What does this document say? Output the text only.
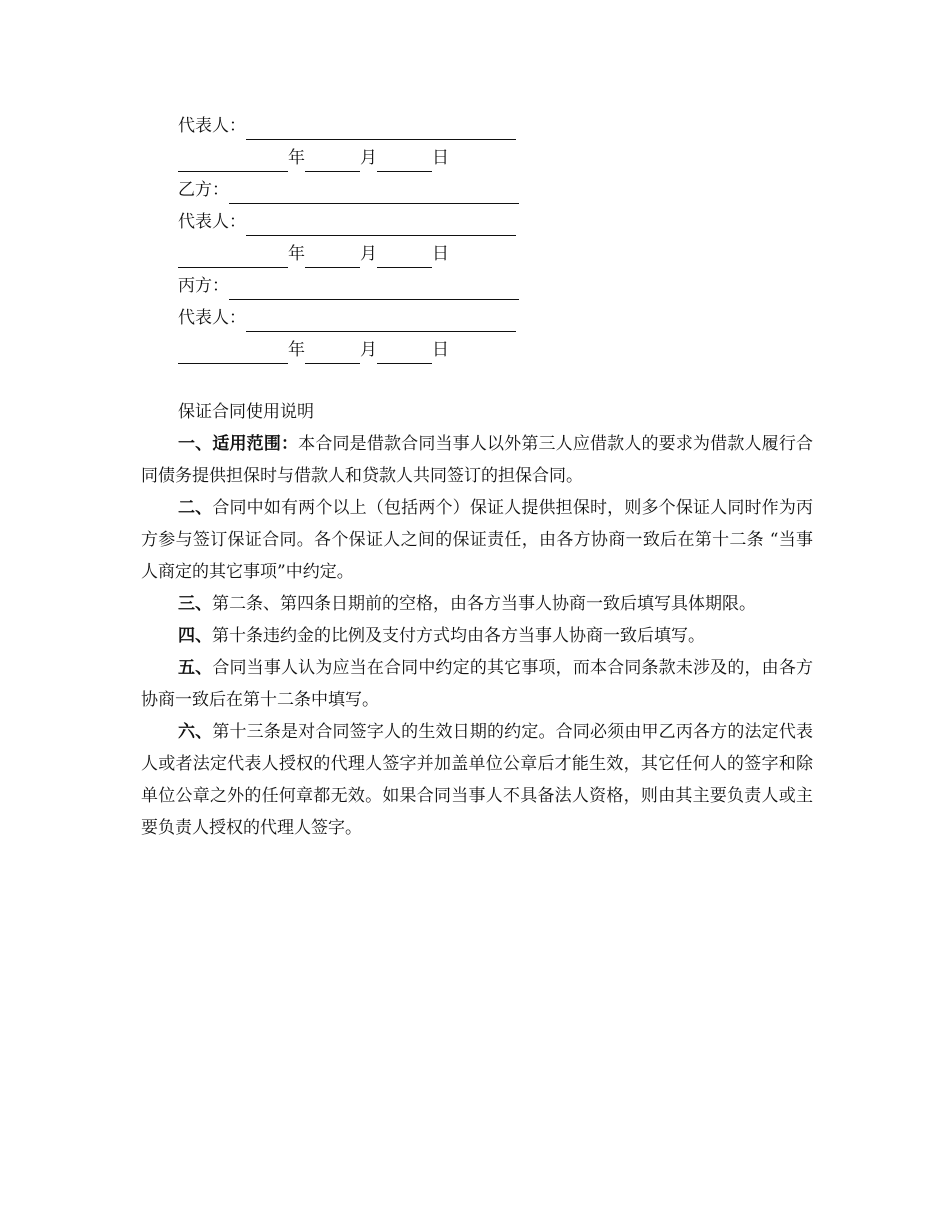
代表人：
年	月	日
乙方：
代表人：
年	月	日
丙方：
代表人：
年	月	日
保证合同使用说明

一、适用范围：本合同是借款合同当事人以外第三人应借款人的要求为借款人履行合同债务提供担保时与借款人和贷款人共同签订的担保合同。

二、合同中如有两个以上（包括两个）保证人提供担保时，则多个保证人同时作为丙方参与签订保证合同。各个保证人之间的保证责任，由各方协商一致后在第十二条 “当事人商定的其它事项”中约定。

三、第二条、第四条日期前的空格，由各方当事人协商一致后填写具体期限。

四、第十条违约金的比例及支付方式均由各方当事人协商一致后填写。

五、合同当事人认为应当在合同中约定的其它事项，而本合同条款未涉及的，由各方协商一致后在第十二条中填写。

六、第十三条是对合同签字人的生效日期的约定。合同必须由甲乙丙各方的法定代表人或者法定代表人授权的代理人签字并加盖单位公章后才能生效，其它任何人的签字和除单位公章之外的任何章都无效。如果合同当事人不具备法人资格，则由其主要负责人或主要负责人授权的代理人签字。
